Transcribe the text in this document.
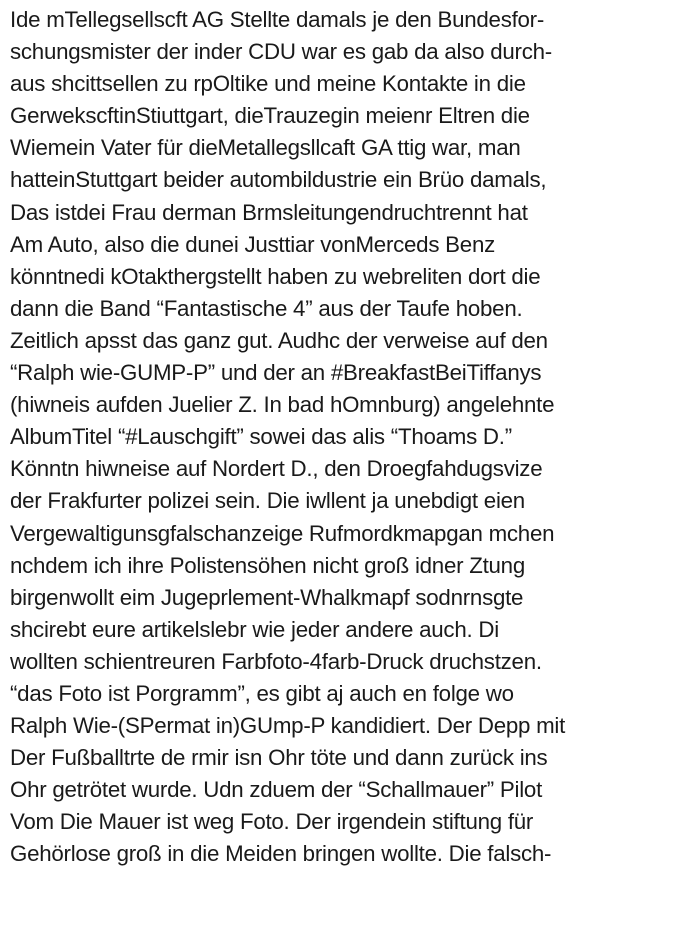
Ide mTellegsellscft AG Stellte damals je den Bundesfor-
schungsmister der inder CDU war es gab da also durch-
aus shcittsellen zu rpOltike und meine Kontakte in die
GerwekscftinStiuttgart, dieTrauzegin meienr Eltren die
Wiemein Vater für dieMetallegsllcaft GA ttig war, man
hatteinStuttgart beider autombildustrie ein Brüo damals,
Das istdei Frau derman Brmsleitungendruchtrennt hat
Am Auto, also die dunei Justtiar vonMerceds Benz
könntnedi kOtakthergstellt haben zu webreliten dort die
dann die Band “Fantastische 4” aus der Taufe hoben.
Zeitlich apsst das ganz gut. Audhc der verweise auf den
“Ralph wie-GUMP-P” und der an #BreakfastBeiTiffanys
(hiwneis aufden Juelier Z. In bad hOmnburg) angelehnte
AlbumTitel “#Lauschgift” sowei das alis “Thoams D.”
Könntn hiwneise auf Nordert D., den Droegfahdugsvize
der Frakfurter polizei sein. Die iwllent ja unebdigt eien
Vergewaltigunsgfalschanzeige Rufmordkmapgan mchen
nchdem ich ihre Polistensöhen nicht groß idner Ztung
birgenwollt eim Jugeprlement-Whalkmapf sodnrnsgte
shcirebt eure artikelslebr wie jeder andere auch. Di
wollten schientreuren Farbfoto-4farb-Druck druchstzen.
“das Foto ist Porgramm”, es gibt aj auch en folge wo
Ralph Wie-(SPermat in)GUmp-P kandidiert. Der Depp mit
Der Fußballtrte de rmir isn Ohr töte und dann zurück ins
Ohr getrötet wurde. Udn zduem der “Schallmauer” Pilot
Vom Die Mauer ist weg Foto. Der irgendein stiftung für
Gehörlose groß in die Meiden bringen wollte. Die falsch-
